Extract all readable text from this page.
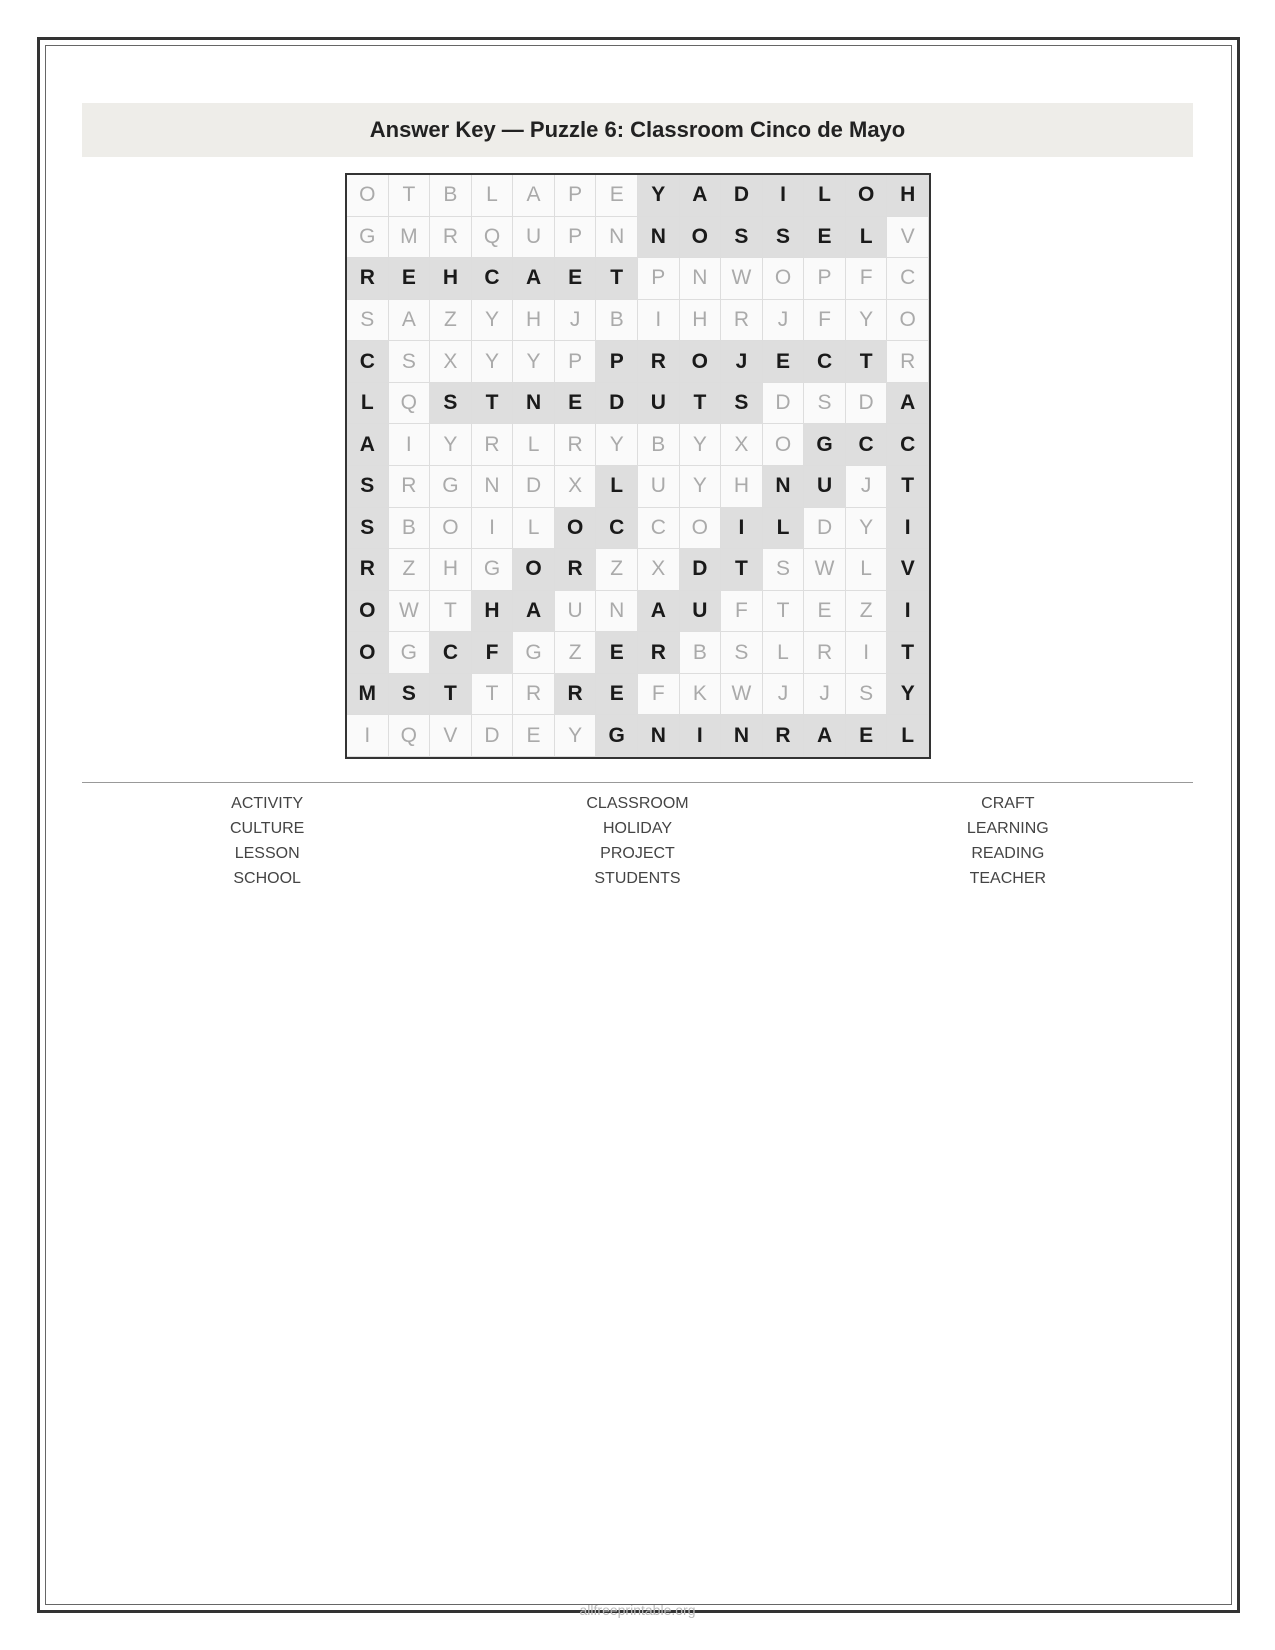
Answer Key — Puzzle 6: Classroom Cinco de Mayo
O	T	B	L	A	P	E	Y	A	D	I	L	O	H
G	M	R	Q	U	P	N	N	O	S	S	E	L	V
R	E	H	C	A	E	T	P	N	W	O	P	F	C
S	A	Z	Y	H	J	B	I	H	R	J	F	Y	O
C	S	X	Y	Y	P	P	R	O	J	E	C	T	R
L	Q	S	T	N	E	D	U	T	S	D	S	D	A
A	I	Y	R	L	R	Y	B	Y	X	O	G	C	C
S	R	G	N	D	X	L	U	Y	H	N	U	J	T
S	B	O	I	L	O	C	C	O	I	L	D	Y	I
R	Z	H	G	O	R	Z	X	D	T	S	W	L	V
O	W	T	H	A	U	N	A	U	F	T	E	Z	I
O	G	C	F	G	Z	E	R	B	S	L	R	I	T
M	S	T	T	R	R	E	F	K	W	J	J	S	Y
I	Q	V	D	E	Y	G	N	I	N	R	A	E	L
ACTIVITY	CLASSROOM	CRAFT
CULTURE	HOLIDAY	LEARNING
LESSON	PROJECT	READING
SCHOOL	STUDENTS	TEACHER
allfreeprintable.org
